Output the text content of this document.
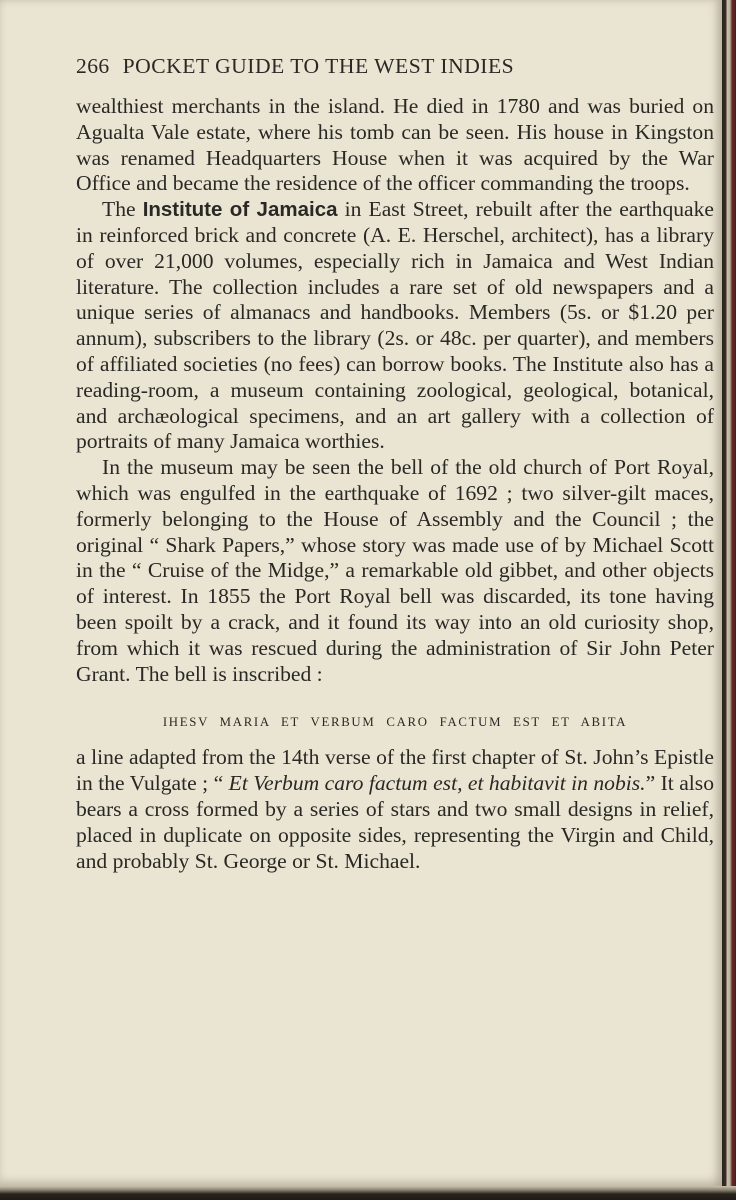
266 POCKET GUIDE TO THE WEST INDIES

wealthiest merchants in the island. He died in 1780 and was buried on Agualta Vale estate, where his tomb can be seen. His house in Kingston was renamed Headquarters House when it was acquired by the War Office and became the residence of the officer commanding the troops.

The Institute of Jamaica in East Street, rebuilt after the earthquake in reinforced brick and concrete (A. E. Herschel, architect), has a library of over 21,000 volumes, especially rich in Jamaica and West Indian literature. The collection includes a rare set of old newspapers and a unique series of almanacs and handbooks. Members (5s. or $1.20 per annum), subscribers to the library (2s. or 48c. per quarter), and members of affiliated societies (no fees) can borrow books. The Institute also has a reading-room, a museum containing zoological, geological, botanical, and archæological specimens, and an art gallery with a collection of portraits of many Jamaica worthies.

In the museum may be seen the bell of the old church of Port Royal, which was engulfed in the earthquake of 1692 ; two silver-gilt maces, formerly belonging to the House of Assembly and the Council ; the original “ Shark Papers,” whose story was made use of by Michael Scott in the “ Cruise of the Midge,” a remarkable old gibbet, and other objects of interest. In 1855 the Port Royal bell was discarded, its tone having been spoilt by a crack, and it found its way into an old curiosity shop, from which it was rescued during the administration of Sir John Peter Grant. The bell is inscribed :

IHESV MARIA ET VERBUM CARO FACTUM EST ET ABITA

a line adapted from the 14th verse of the first chapter of St. John’s Epistle in the Vulgate ; “ Et Verbum caro factum est, et habitavit in nobis.” It also bears a cross formed by a series of stars and two small designs in relief, placed in duplicate on opposite sides, representing the Virgin and Child, and probably St. George or St. Michael.
